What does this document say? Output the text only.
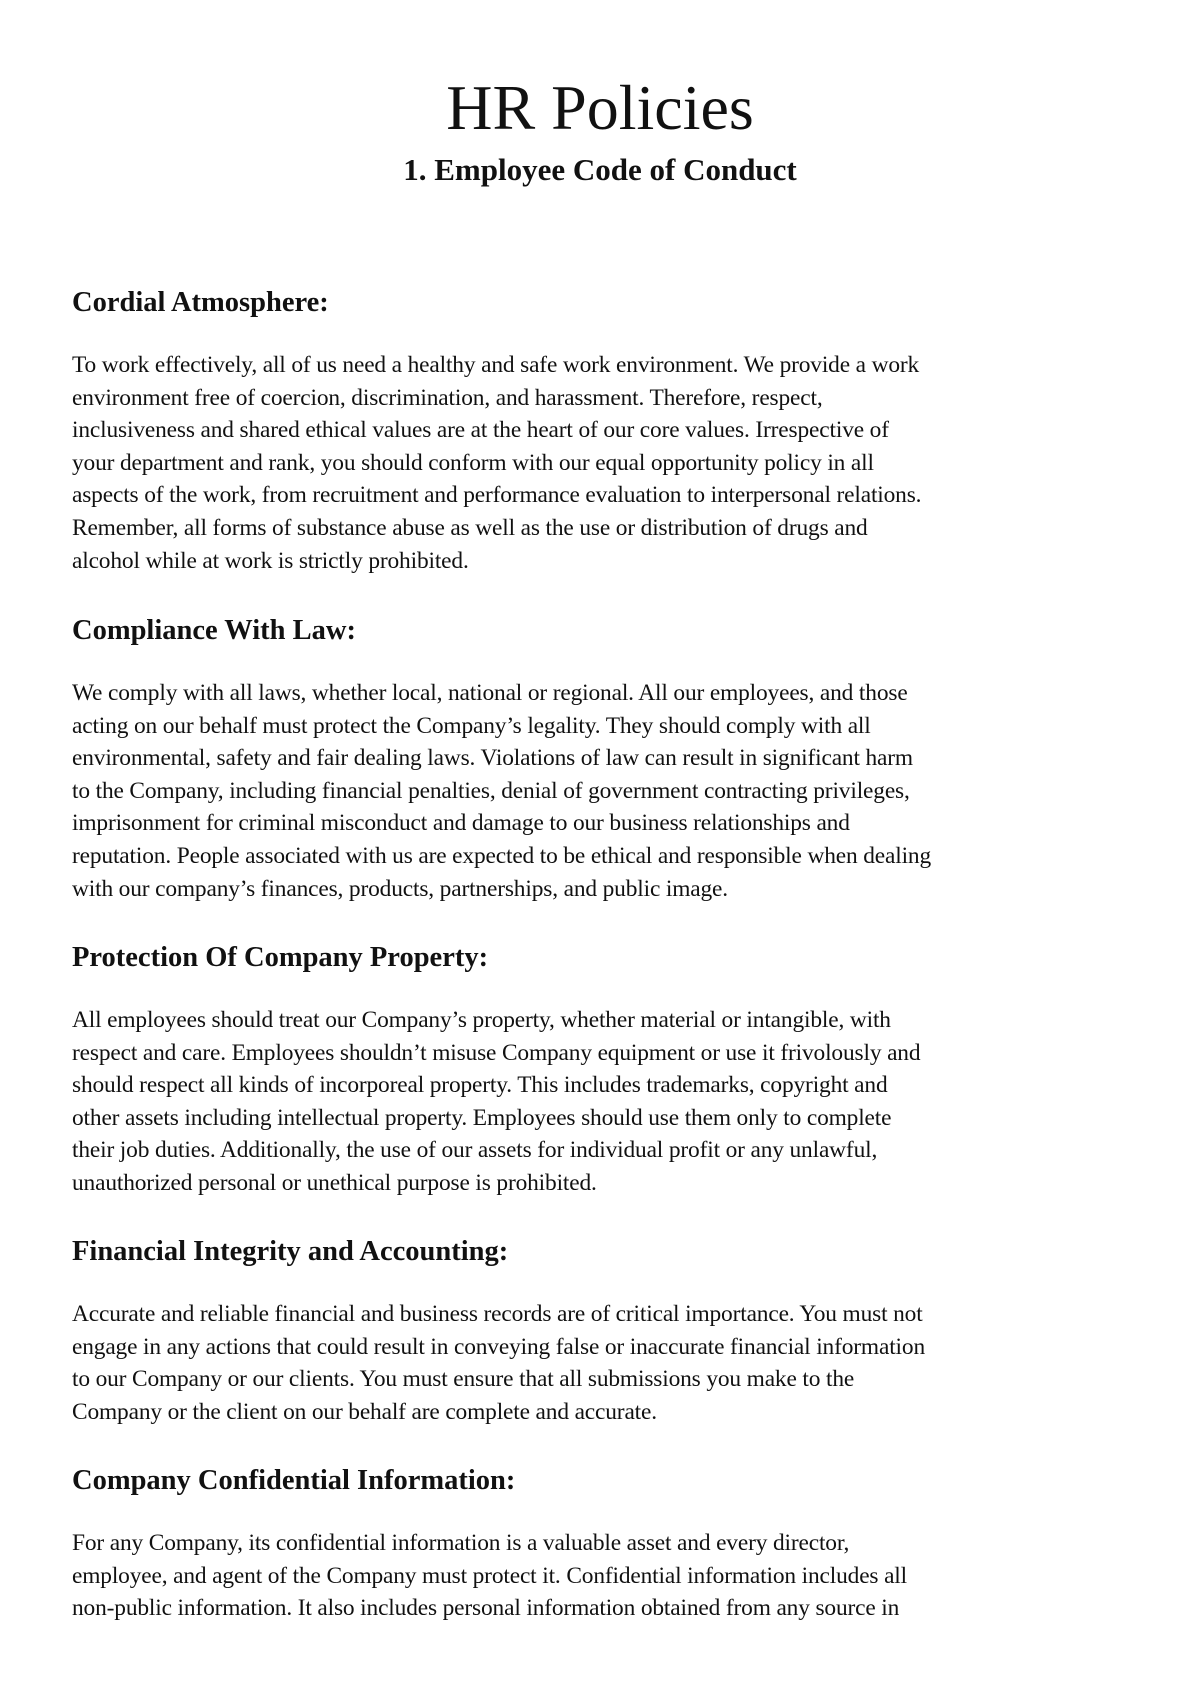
HR Policies
1. Employee Code of Conduct
Cordial Atmosphere:

To work effectively, all of us need a healthy and safe work environment. We provide a work
environment free of coercion, discrimination, and harassment. Therefore, respect,
inclusiveness and shared ethical values are at the heart of our core values. Irrespective of
your department and rank, you should conform with our equal opportunity policy in all
aspects of the work, from recruitment and performance evaluation to interpersonal relations.
Remember, all forms of substance abuse as well as the use or distribution of drugs and
alcohol while at work is strictly prohibited.

Compliance With Law:

We comply with all laws, whether local, national or regional. All our employees, and those
acting on our behalf must protect the Company’s legality. They should comply with all
environmental, safety and fair dealing laws. Violations of law can result in significant harm
to the Company, including financial penalties, denial of government contracting privileges,
imprisonment for criminal misconduct and damage to our business relationships and
reputation. People associated with us are expected to be ethical and responsible when dealing
with our company’s finances, products, partnerships, and public image.

Protection Of Company Property:

All employees should treat our Company’s property, whether material or intangible, with
respect and care. Employees shouldn’t misuse Company equipment or use it frivolously and
should respect all kinds of incorporeal property. This includes trademarks, copyright and
other assets including intellectual property. Employees should use them only to complete
their job duties. Additionally, the use of our assets for individual profit or any unlawful,
unauthorized personal or unethical purpose is prohibited.

Financial Integrity and Accounting:

Accurate and reliable financial and business records are of critical importance. You must not
engage in any actions that could result in conveying false or inaccurate financial information
to our Company or our clients. You must ensure that all submissions you make to the
Company or the client on our behalf are complete and accurate.

Company Confidential Information:

For any Company, its confidential information is a valuable asset and every director,
employee, and agent of the Company must protect it. Confidential information includes all
non-public information. It also includes personal information obtained from any source in
